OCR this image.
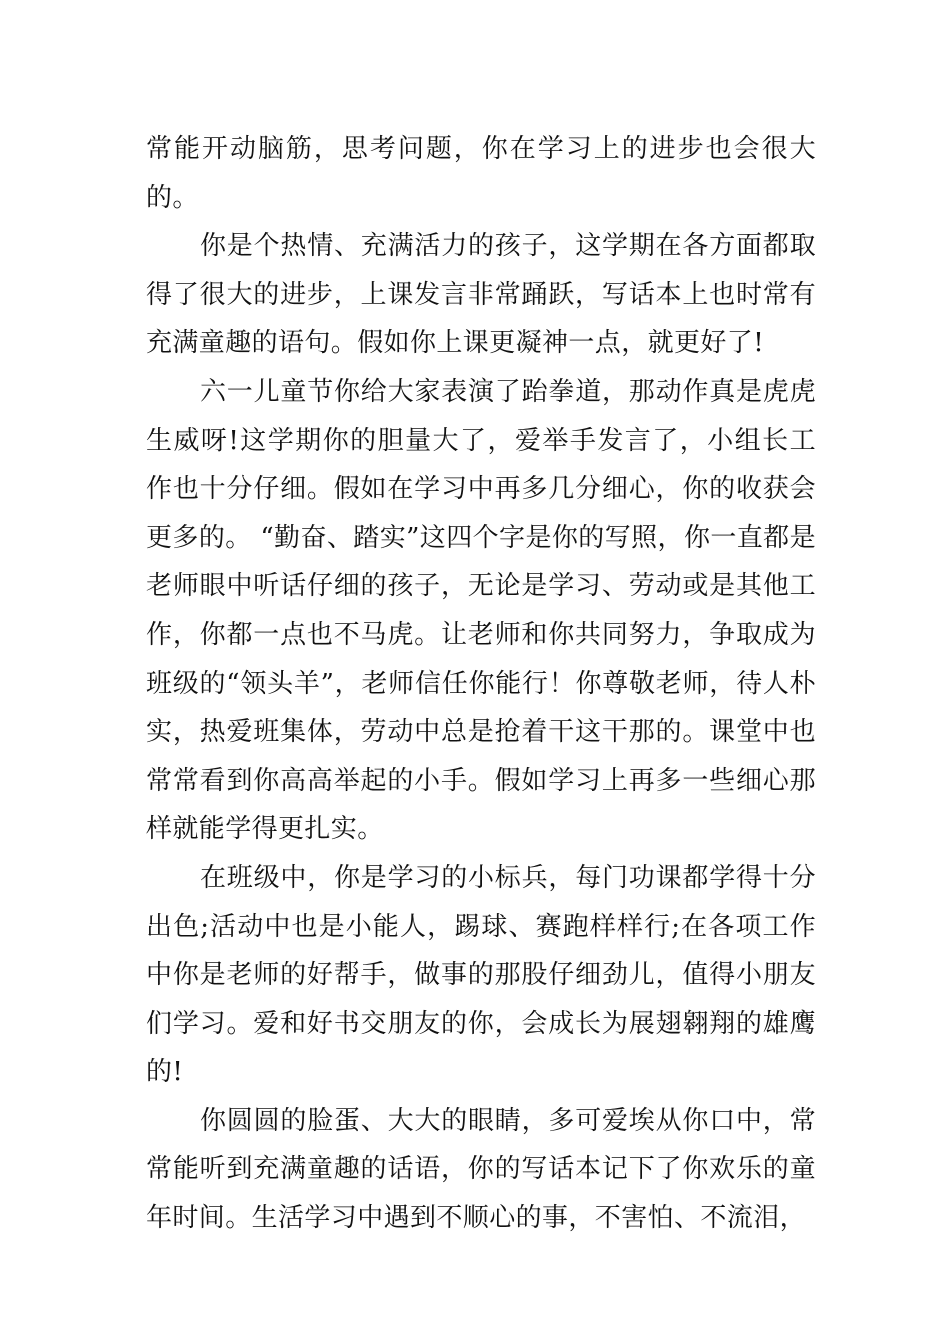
常能开动脑筋，思考问题，你在学习上的进步也会很大的。

你是个热情、充满活力的孩子，这学期在各方面都取得了很大的进步，上课发言非常踊跃，写话本上也时常有充满童趣的语句。假如你上课更凝神一点，就更好了!

六一儿童节你给大家表演了跆拳道，那动作真是虎虎生威呀!这学期你的胆量大了，爱举手发言了，小组长工作也十分仔细。假如在学习中再多几分细心，你的收获会更多的。 “勤奋、踏实”这四个字是你的写照，你一直都是老师眼中听话仔细的孩子，无论是学习、劳动或是其他工作，你都一点也不马虎。让老师和你共同努力，争取成为班级的“领头羊”，老师信任你能行！你尊敬老师，待人朴实，热爱班集体，劳动中总是抢着干这干那的。课堂中也常常看到你高高举起的小手。假如学习上再多一些细心那样就能学得更扎实。

在班级中，你是学习的小标兵，每门功课都学得十分出色;活动中也是小能人，踢球、赛跑样样行;在各项工作中你是老师的好帮手，做事的那股仔细劲儿，值得小朋友们学习。爱和好书交朋友的你，会成长为展翅翱翔的雄鹰的!

你圆圆的脸蛋、大大的眼睛，多可爱埃从你口中，常常能听到充满童趣的话语，你的写话本记下了你欢乐的童年时间。生活学习中遇到不顺心的事，不害怕、不流泪，
